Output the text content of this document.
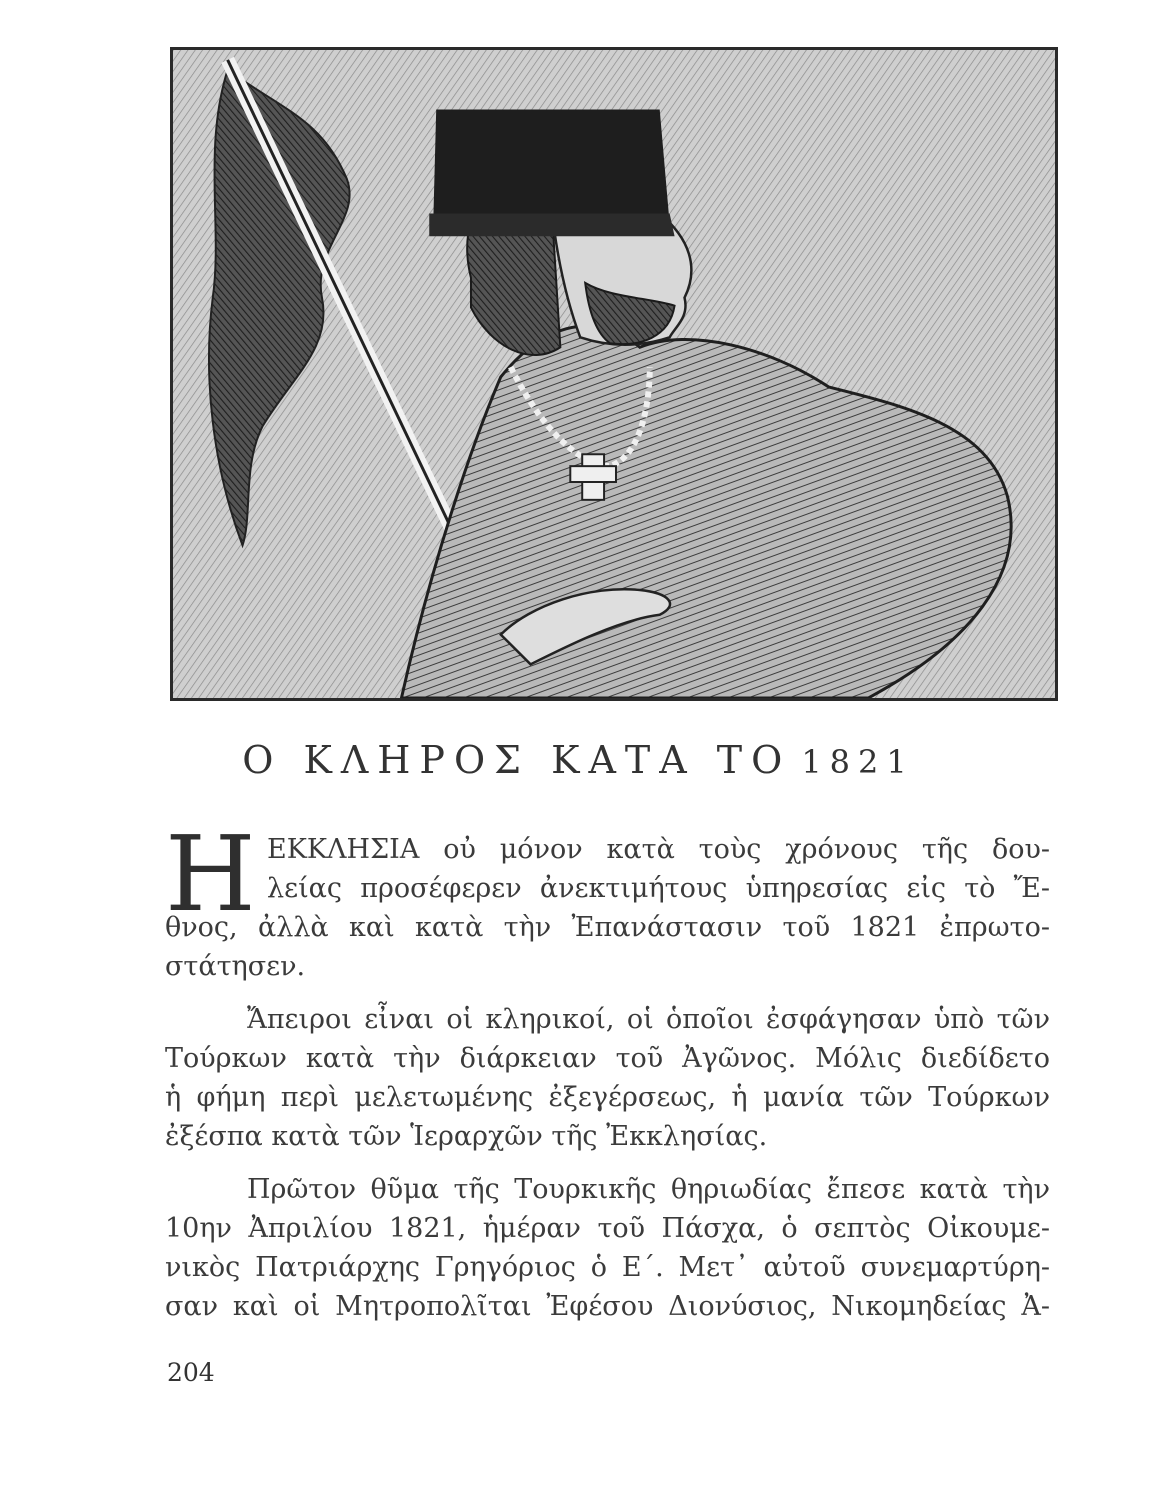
Ο ΚΛΗΡΟΣ ΚΑΤΑ ΤΟ 1821
Η ΕΚΚΛΗΣΙΑ οὐ μόνον κατὰ τοὺς χρόνους τῆς δου-
λείας προσέφερεν ἀνεκτιμήτους ὑπηρεσίας εἰς τὸ Ἔ-
θνος, ἀλλὰ καὶ κατὰ τὴν Ἐπανάστασιν τοῦ 1821 ἐπρωτο-
στάτησεν.
Ἄπειροι εἶναι οἱ κληρικοί, οἱ ὁποῖοι ἐσφάγησαν ὑπὸ τῶν
Τούρκων κατὰ τὴν διάρκειαν τοῦ Ἀγῶνος. Μόλις διεδίδετο
ἡ φήμη περὶ μελετωμένης ἐξεγέρσεως, ἡ μανία τῶν Τούρκων
ἐξέσπα κατὰ τῶν Ἱεραρχῶν τῆς Ἐκκλησίας.
Πρῶτον θῦμα τῆς Τουρκικῆς θηριωδίας ἔπεσε κατὰ τὴν
10ην Ἀπριλίου 1821, ἡμέραν τοῦ Πάσχα, ὁ σεπτὸς Οἰκουμε-
νικὸς Πατριάρχης Γρηγόριος ὁ Ε΄. Μετ᾽ αὐτοῦ συνεμαρτύρη-
σαν καὶ οἱ Μητροπολῖται Ἐφέσου Διονύσιος, Νικομηδείας Ἀ-
204
